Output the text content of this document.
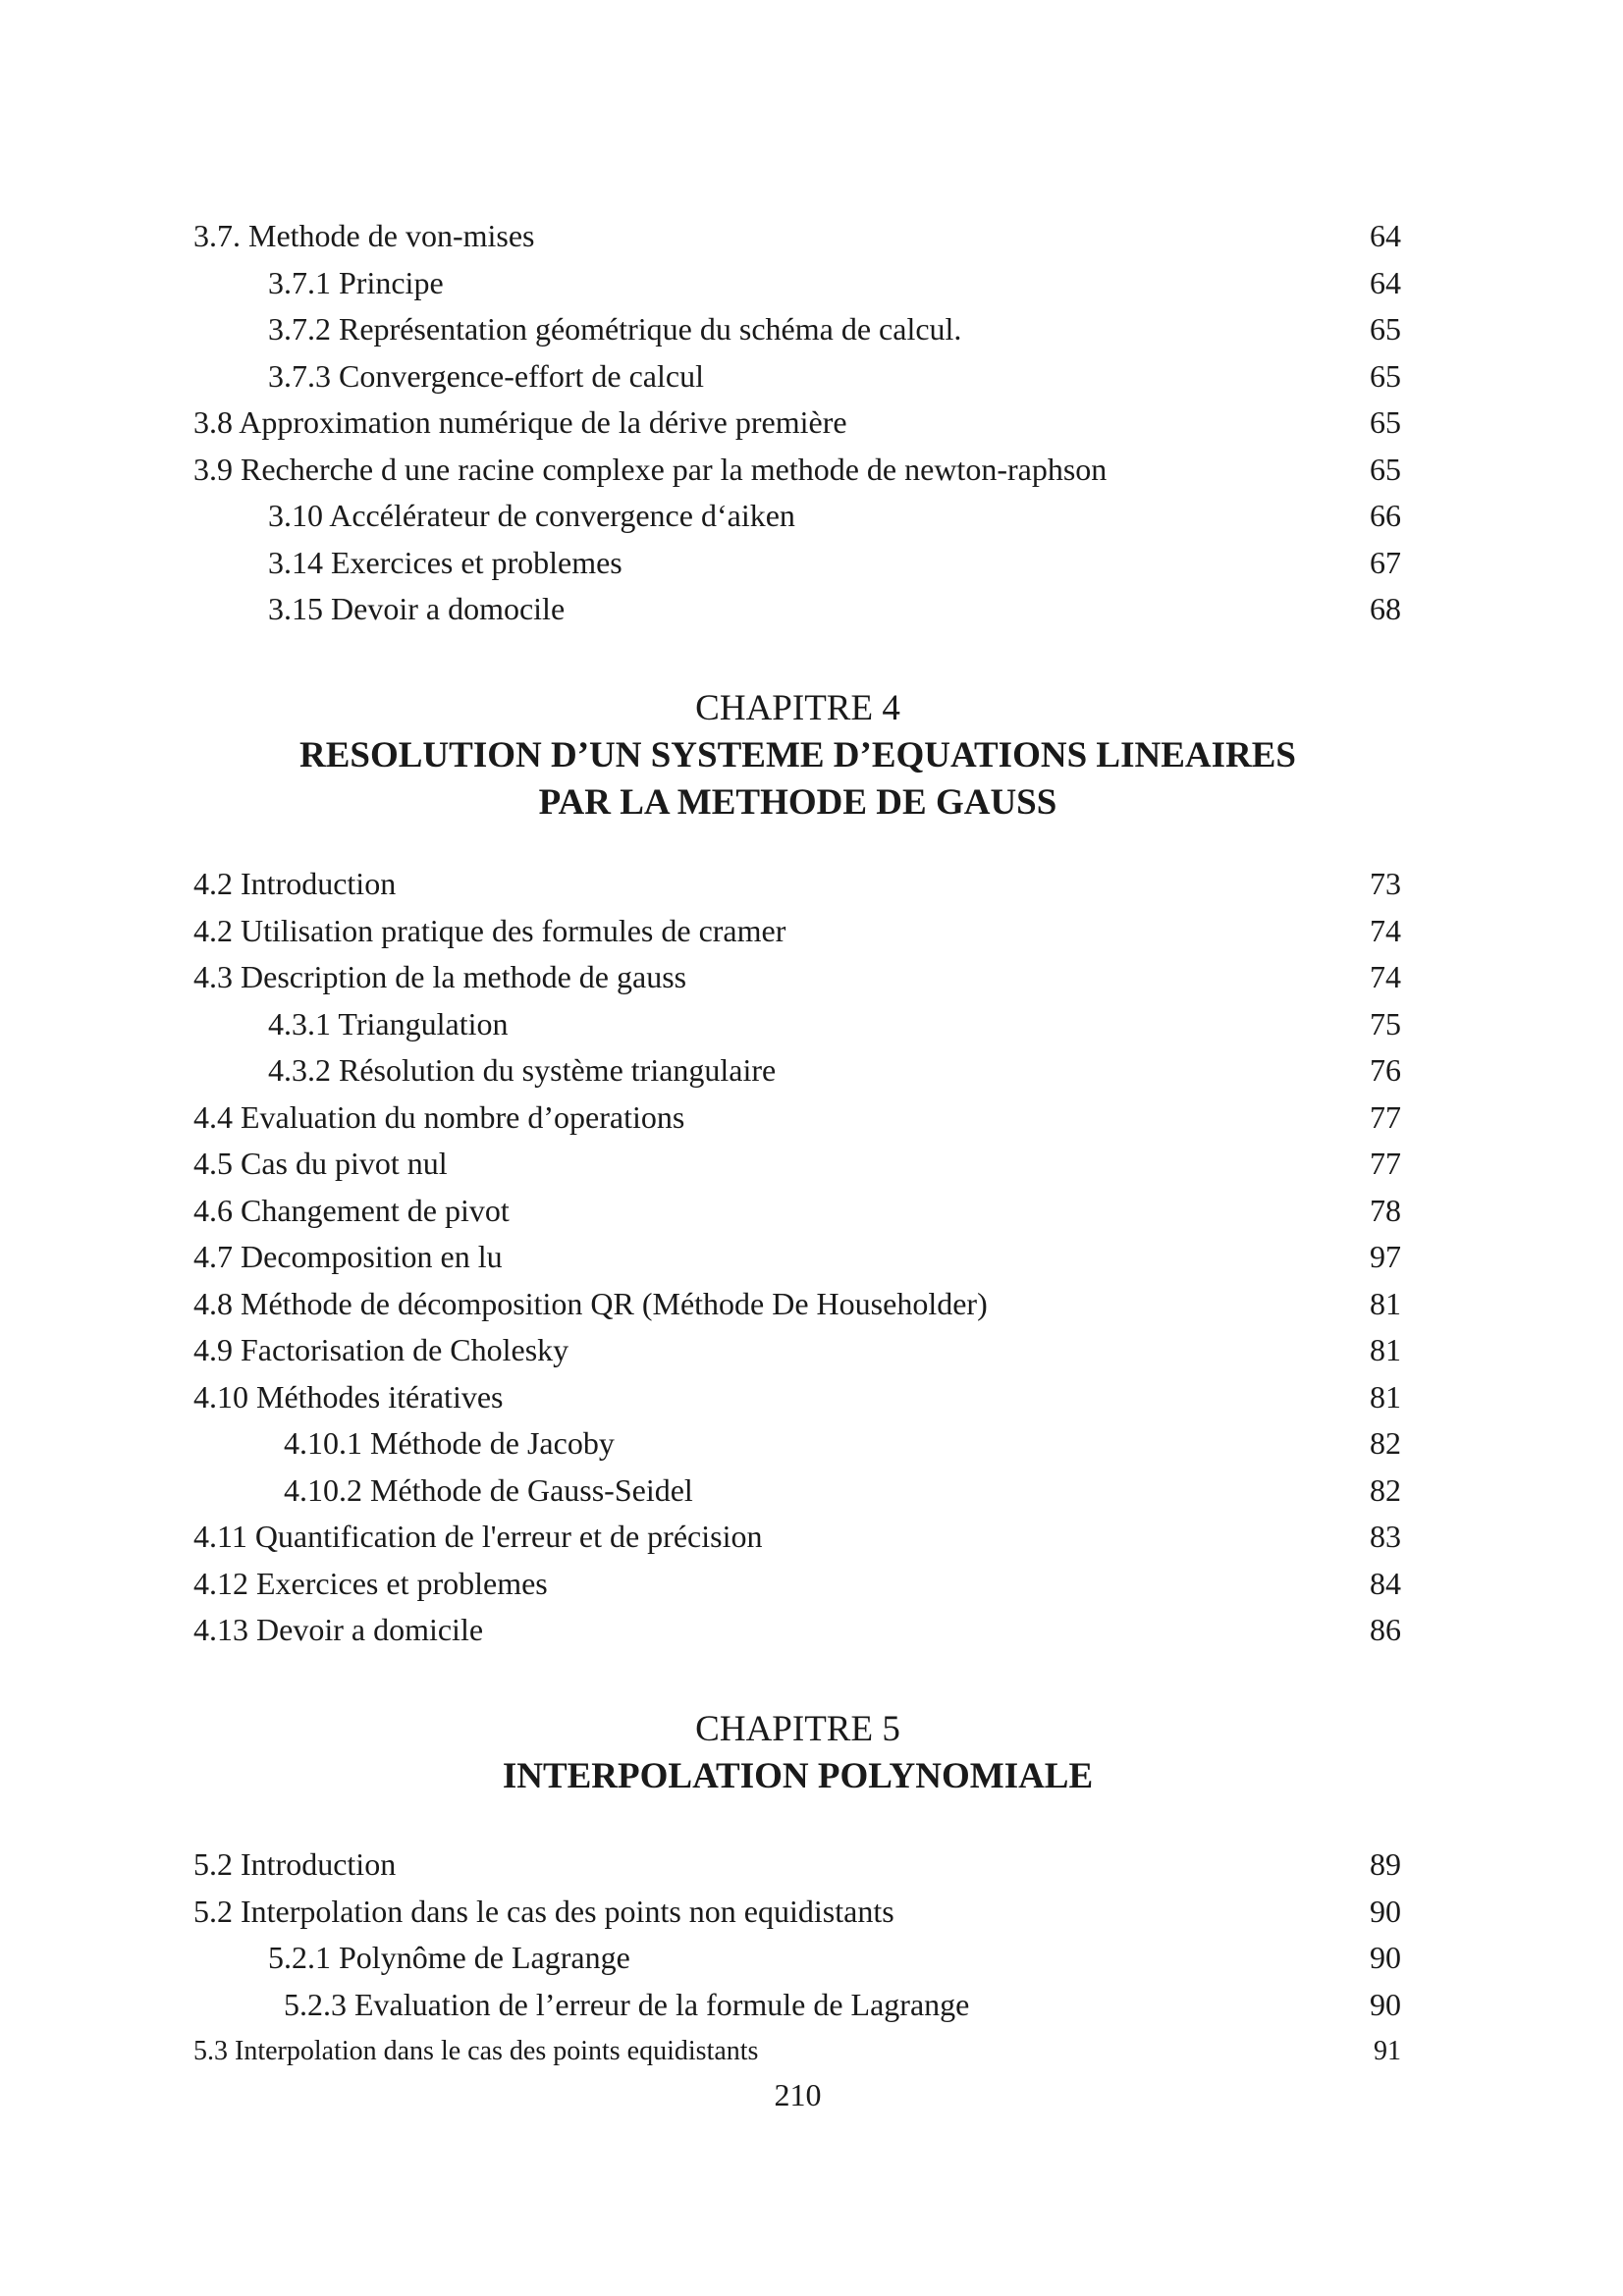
3.7. Methode de von-mises	64
3.7.1 Principe	64
3.7.2 Représentation géométrique du schéma de calcul.	65
3.7.3 Convergence-effort de calcul	65
3.8 Approximation numérique de la dérive première	65
3.9 Recherche d une racine complexe par la methode de newton-raphson	65
3.10 Accélérateur de convergence d‘aiken	66
3.14 Exercices et problemes	67
3.15 Devoir a domocile	68
CHAPITRE 4
RESOLUTION D’UN SYSTEME D’EQUATIONS LINEAIRES
PAR LA METHODE DE GAUSS
4.2 Introduction	73
4.2 Utilisation pratique des formules de cramer	74
4.3 Description de la methode de gauss	74
4.3.1 Triangulation	75
4.3.2 Résolution du système triangulaire	76
4.4 Evaluation du nombre d’operations	77
4.5 Cas du pivot nul	77
4.6 Changement de pivot	78
4.7 Decomposition en lu	97
4.8 Méthode de décomposition QR (Méthode De Householder)	81
4.9 Factorisation de Cholesky	81
4.10 Méthodes itératives	81
4.10.1 Méthode de Jacoby	82
4.10.2 Méthode de Gauss-Seidel	82
4.11 Quantification de l'erreur et de précision	83
4.12 Exercices et problemes	84
4.13 Devoir a domicile	86
CHAPITRE 5
INTERPOLATION POLYNOMIALE
5.2 Introduction	89
5.2 Interpolation dans le cas des points non equidistants	90
5.2.1 Polynôme de Lagrange	90
5.2.3 Evaluation de l’erreur de la formule de Lagrange	90
5.3 Interpolation dans le cas des points equidistants	91
210
